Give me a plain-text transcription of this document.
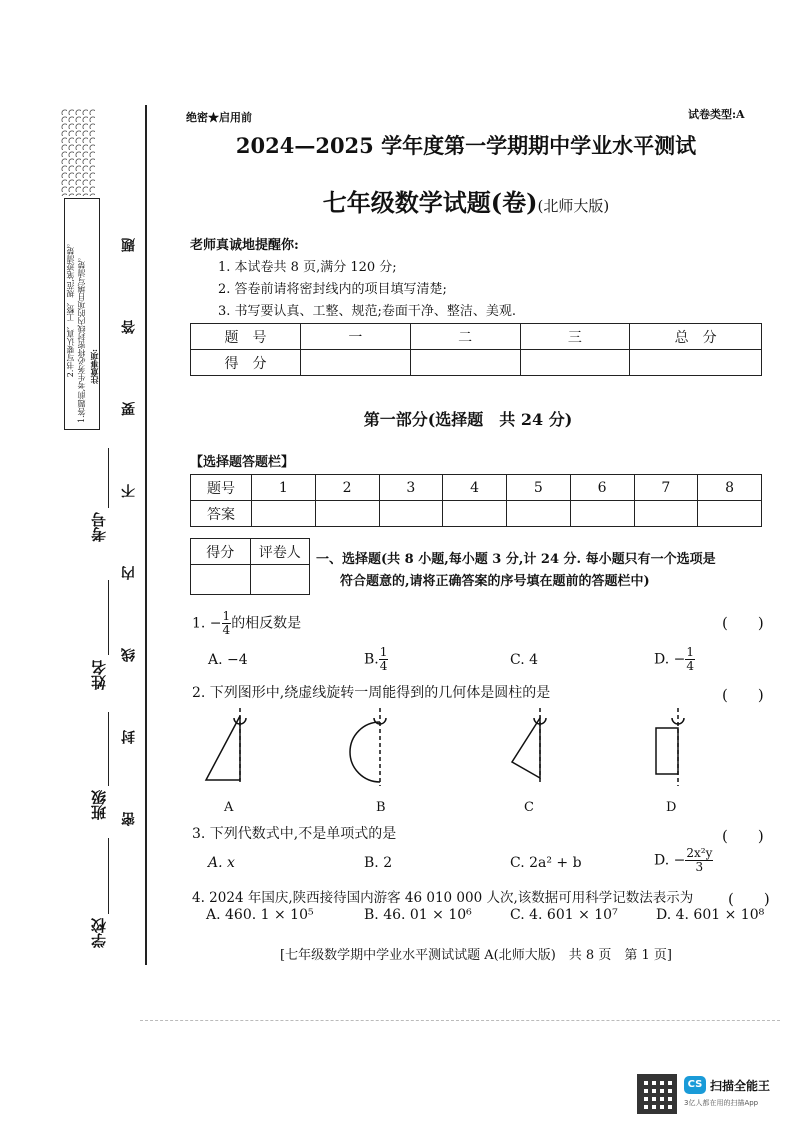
注意事项:
1.答题前,考生务必将密封线内的项目填写清楚。
2.书写要认真、工整、规范,笔迹清楚。	题
答
要
不
内
线
封
密
考号
姓名
班级
学校
绝密★启用前	试卷类型:A
2024—2025 学年度第一学期期中学业水平测试
七年级数学试题(卷)(北师大版)
老师真诚地提醒你:
1. 本试卷共 8 页,满分 120 分;
2. 答卷前请将密封线内的项目填写清楚;
3. 书写要认真、工整、规范;卷面干净、整洁、美观.
题　号	一	二	三	总　分
得　分				
第一部分(选择题　共 24 分)
【选择题答题栏】
题号	1	2	3	4	5	6	7	8
答案								
得分	评卷人
	一、选择题(共 8 小题,每小题 3 分,计 24 分. 每小题只有一个选项是
符合题意的,请将正确答案的序号填在题前的答题栏中)
1. − $\frac{1}{4}$ 的相反数是	(　　)
A. −4	B. $\frac{1}{4}$	C. 4	D. − $\frac{1}{4}$
2. 下列图形中,绕虚线旋转一周能得到的几何体是圆柱的是	(　　)
A	B	C	D
3. 下列代数式中,不是单项式的是	(　　)
A. x	B. 2	C. 2a² + b	D. − $\frac{\text{2x²y}}{3}$
4. 2024 年国庆,陕西接待国内游客 46 010 000 人次,该数据可用科学记数法表示为 (　　)
A. 460. 1 × 10⁵	B. 46. 01 × 10⁶	C. 4. 601 × 10⁷	D. 4. 601 × 10⁸
[七年级数学期中学业水平测试试题 A(北师大版)　共 8 页　第 1 页]
CS 扫描全能王
3亿人都在用的扫描App
